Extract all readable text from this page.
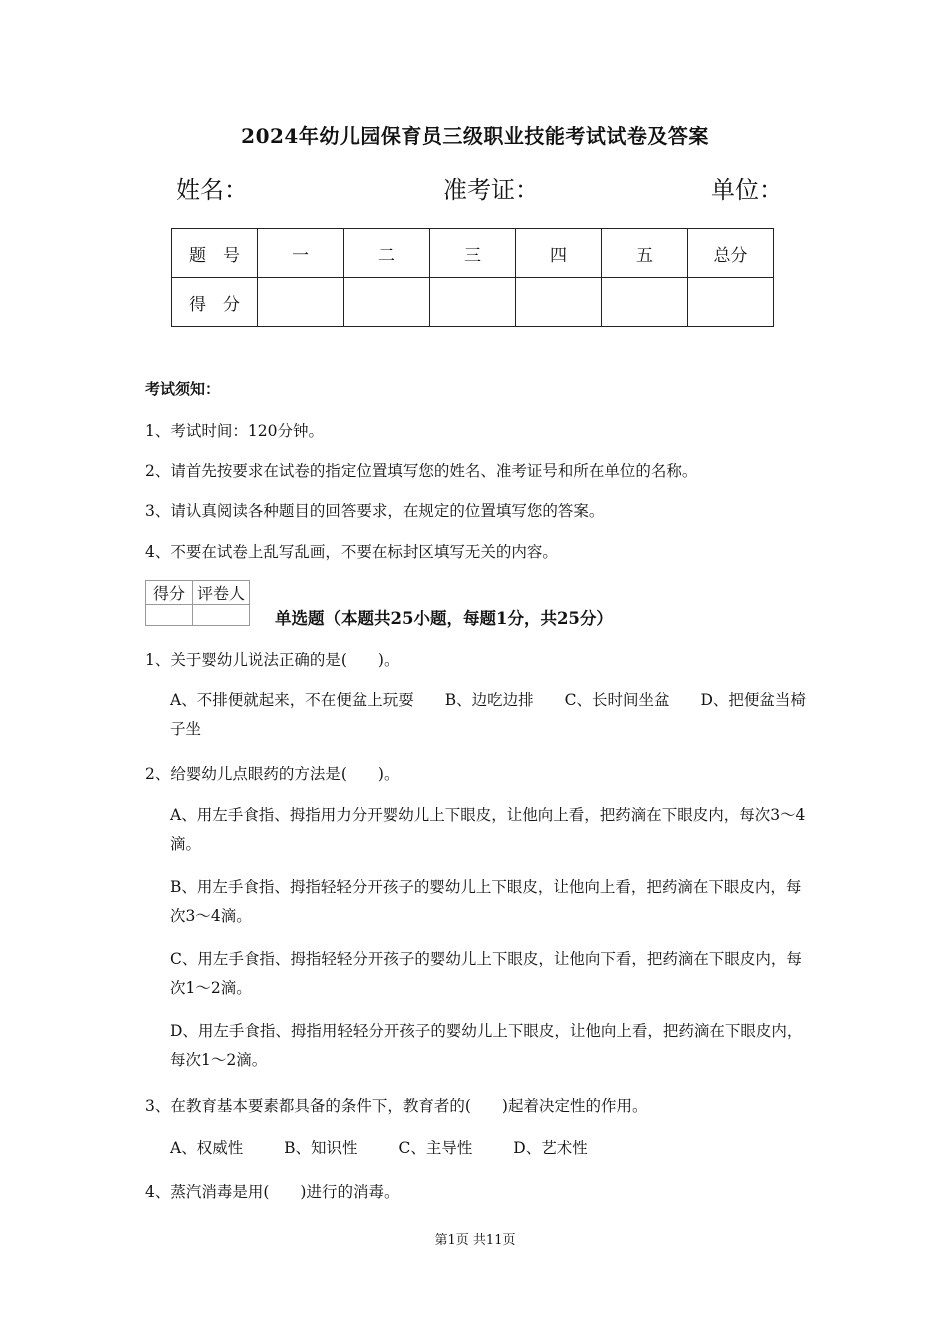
2024年幼儿园保育员三级职业技能考试试卷及答案
姓名：	准考证：	单位：
题　号	一	二	三	四	五	总分
得　分						
考试须知：
1、考试时间：120分钟。
2、请首先按要求在试卷的指定位置填写您的姓名、准考证号和所在单位的名称。
3、请认真阅读各种题目的回答要求，在规定的位置填写您的答案。
4、不要在试卷上乱写乱画，不要在标封区填写无关的内容。
得分	评卷人

单选题（本题共25小题，每题1分，共25分）
1、关于婴幼儿说法正确的是(　　)。
A、不排便就起来，不在便盆上玩耍　　B、边吃边排　　C、长时间坐盆　　D、把便盆当椅子坐
2、给婴幼儿点眼药的方法是(　　)。
A、用左手食指、拇指用力分开婴幼儿上下眼皮，让他向上看，把药滴在下眼皮内，每次3～4滴。
B、用左手食指、拇指轻轻分开孩子的婴幼儿上下眼皮，让他向上看，把药滴在下眼皮内，每次3～4滴。
C、用左手食指、拇指轻轻分开孩子的婴幼儿上下眼皮，让他向下看，把药滴在下眼皮内，每次1～2滴。
D、用左手食指、拇指用轻轻分开孩子的婴幼儿上下眼皮，让他向上看，把药滴在下眼皮内，每次1～2滴。
3、在教育基本要素都具备的条件下，教育者的(　　)起着决定性的作用。
A、权威性	B、知识性	C、主导性	D、艺术性
4、蒸汽消毒是用(　　)进行的消毒。
第1页 共11页
